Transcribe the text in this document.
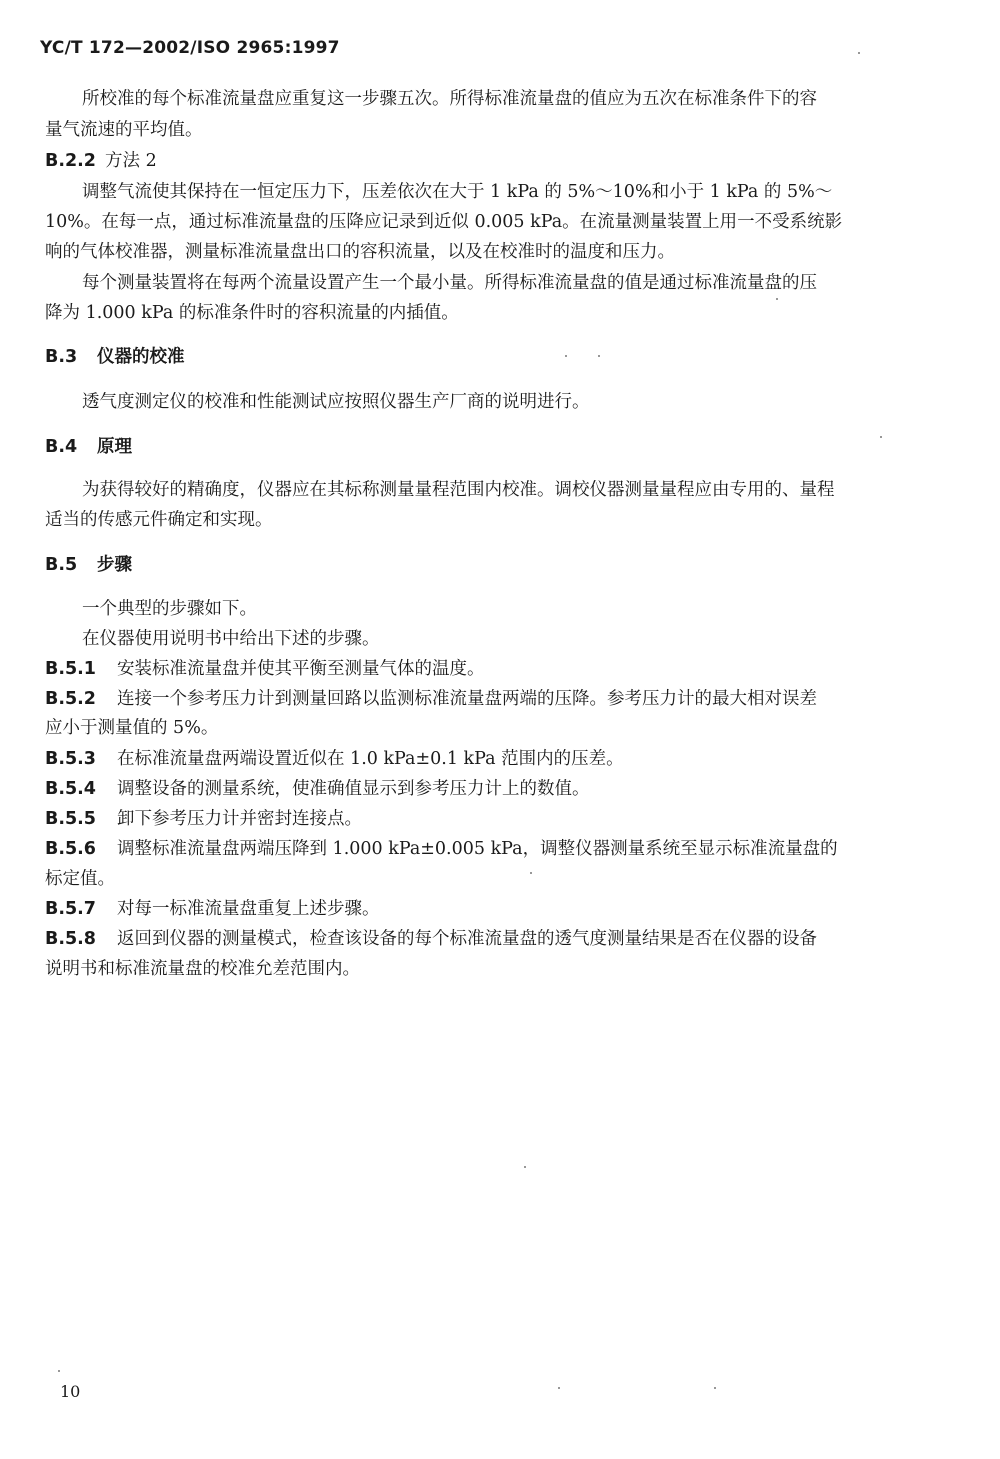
YC/T 172—2002/ISO 2965:1997
所校准的每个标准流量盘应重复这一步骤五次。所得标准流量盘的值应为五次在标准条件下的容
量气流速的平均值。
B.2.2 方法 2
调整气流使其保持在一恒定压力下，压差依次在大于 1 kPa 的 5%～10%和小于 1 kPa 的 5%～
10%。在每一点，通过标准流量盘的压降应记录到近似 0.005 kPa。在流量测量装置上用一不受系统影
响的气体校准器，测量标准流量盘出口的容积流量，以及在校准时的温度和压力。
每个测量装置将在每两个流量设置产生一个最小量。所得标准流量盘的值是通过标准流量盘的压
降为 1.000 kPa 的标准条件时的容积流量的内插值。
B.3 仪器的校准
透气度测定仪的校准和性能测试应按照仪器生产厂商的说明进行。
B.4 原理
为获得较好的精确度，仪器应在其标称测量量程范围内校准。调校仪器测量量程应由专用的、量程
适当的传感元件确定和实现。
B.5 步骤
一个典型的步骤如下。
在仪器使用说明书中给出下述的步骤。
B.5.1 安装标准流量盘并使其平衡至测量气体的温度。
B.5.2 连接一个参考压力计到测量回路以监测标准流量盘两端的压降。参考压力计的最大相对误差
应小于测量值的 5%。
B.5.3 在标准流量盘两端设置近似在 1.0 kPa±0.1 kPa 范围内的压差。
B.5.4 调整设备的测量系统，使准确值显示到参考压力计上的数值。
B.5.5 卸下参考压力计并密封连接点。
B.5.6 调整标准流量盘两端压降到 1.000 kPa±0.005 kPa，调整仪器测量系统至显示标准流量盘的
标定值。
B.5.7 对每一标准流量盘重复上述步骤。
B.5.8 返回到仪器的测量模式，检查该设备的每个标准流量盘的透气度测量结果是否在仪器的设备
说明书和标准流量盘的校准允差范围内。
10
